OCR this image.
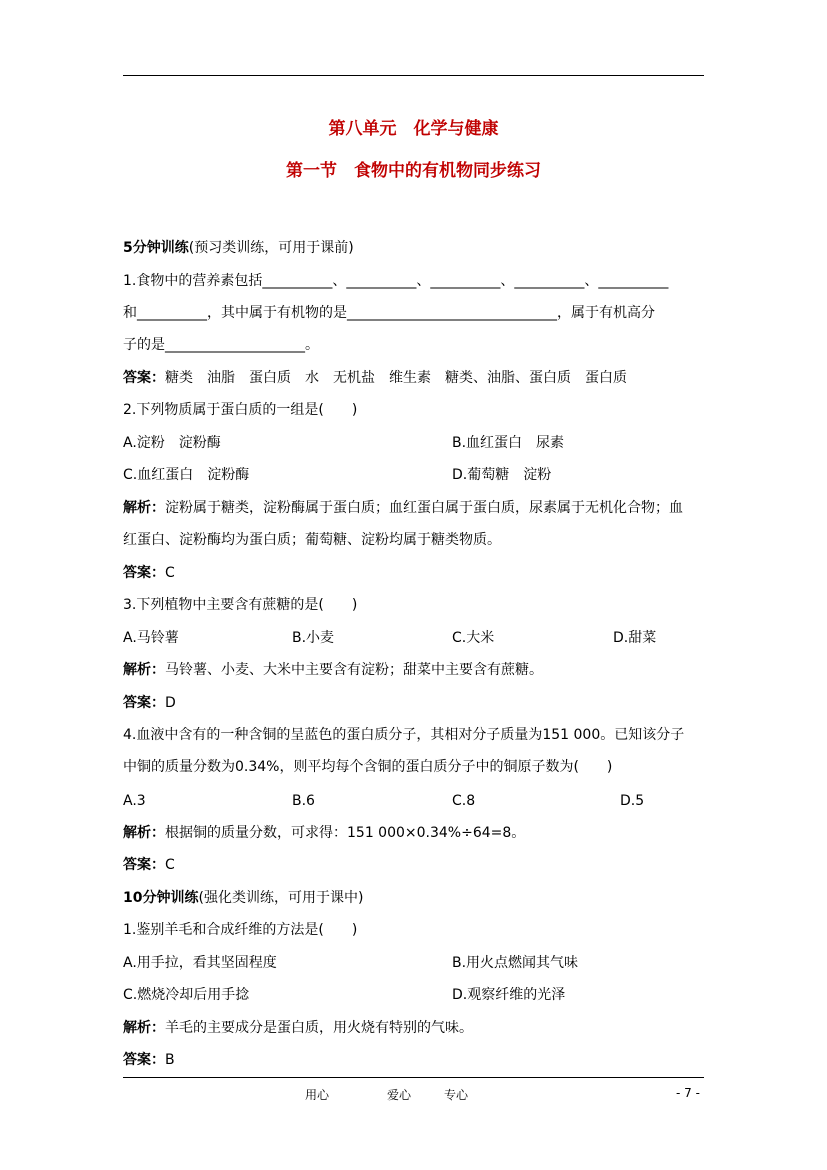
第八单元　化学与健康
第一节　食物中的有机物同步练习
5分钟训练(预习类训练，可用于课前)
1.食物中的营养素包括__________、__________、__________、__________、__________
和__________，其中属于有机物的是______________________________，属于有机高分
子的是____________________。
答案：糖类　油脂　蛋白质　水　无机盐　维生素　糖类、油脂、蛋白质　蛋白质
2.下列物质属于蛋白质的一组是(　　)
A.淀粉　淀粉酶	B.血红蛋白　尿素
C.血红蛋白　淀粉酶	D.葡萄糖　淀粉
解析：淀粉属于糖类，淀粉酶属于蛋白质；血红蛋白属于蛋白质，尿素属于无机化合物；血
红蛋白、淀粉酶均为蛋白质；葡萄糖、淀粉均属于糖类物质。
答案：C
3.下列植物中主要含有蔗糖的是(　　)
A.马铃薯	B.小麦	C.大米	D.甜菜
解析：马铃薯、小麦、大米中主要含有淀粉；甜菜中主要含有蔗糖。
答案：D
4.血液中含有的一种含铜的呈蓝色的蛋白质分子，其相对分子质量为151 000。已知该分子
中铜的质量分数为0.34%，则平均每个含铜的蛋白质分子中的铜原子数为(　　)
A.3	B.6	C.8	D.5
解析：根据铜的质量分数，可求得：151 000×0.34%÷64=8。
答案：C
10分钟训练(强化类训练，可用于课中)
1.鉴别羊毛和合成纤维的方法是(　　)
A.用手拉，看其坚固程度	B.用火点燃闻其气味
C.燃烧冷却后用手捻	D.观察纤维的光泽
解析：羊毛的主要成分是蛋白质，用火烧有特别的气味。
答案：B
用心	爱心	专心	- 7 -
